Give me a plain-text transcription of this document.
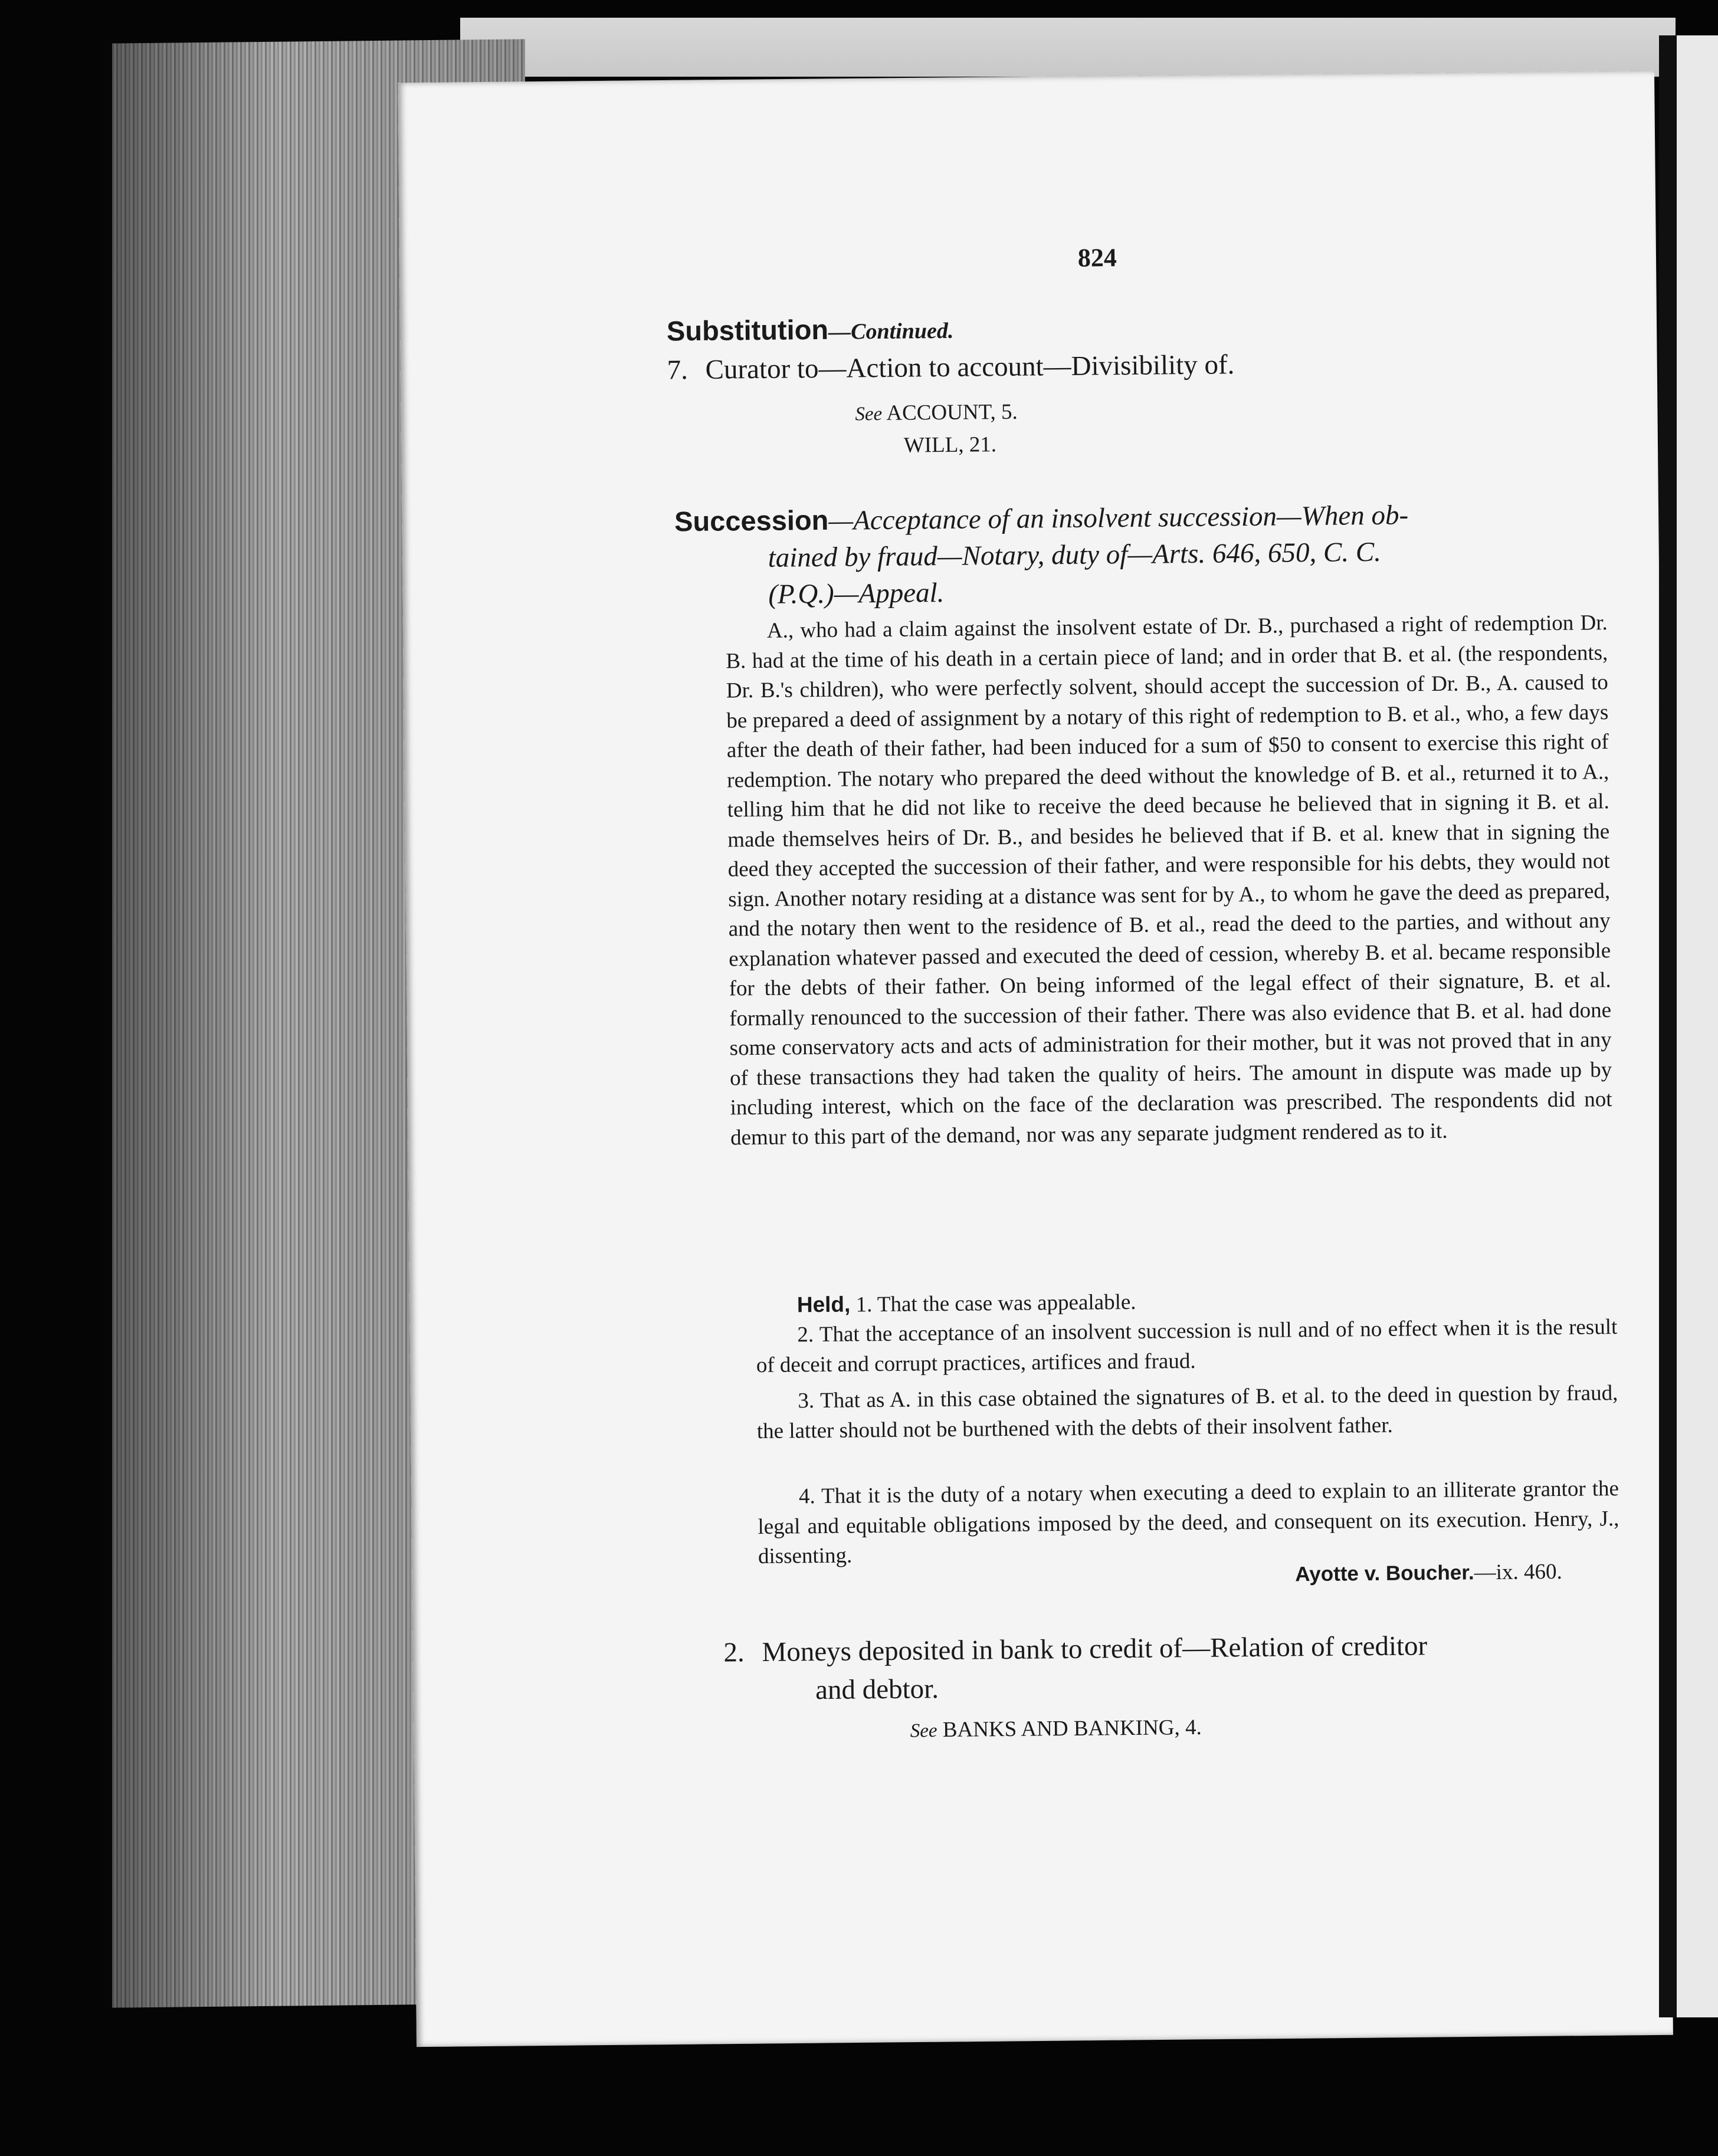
824
Substitution—Continued.
7. Curator to—Action to account—Divisibility of.
See ACCOUNT, 5.
WILL, 21.
Succession—Acceptance of an insolvent succession—When ob-
tained by fraud—Notary, duty of—Arts. 646, 650, C. C.
(P.Q.)—Appeal.
A., who had a claim against the insolvent estate of Dr. B., purchased a right of redemption Dr. B. had at the time of his death in a certain piece of land; and in order that B. et al. (the respondents, Dr. B.'s children), who were perfectly solvent, should accept the succession of Dr. B., A. caused to be prepared a deed of assignment by a notary of this right of redemption to B. et al., who, a few days after the death of their father, had been induced for a sum of $50 to consent to exercise this right of redemption. The notary who prepared the deed without the knowledge of B. et al., returned it to A., telling him that he did not like to receive the deed because he believed that in signing it B. et al. made themselves heirs of Dr. B., and besides he believed that if B. et al. knew that in signing the deed they accepted the succession of their father, and were responsible for his debts, they would not sign. Another notary residing at a distance was sent for by A., to whom he gave the deed as prepared, and the notary then went to the residence of B. et al., read the deed to the parties, and without any explanation whatever passed and executed the deed of cession, whereby B. et al. became responsible for the debts of their father. On being informed of the legal effect of their signature, B. et al. formally renounced to the succession of their father. There was also evidence that B. et al. had done some conservatory acts and acts of administration for their mother, but it was not proved that in any of these transactions they had taken the quality of heirs. The amount in dispute was made up by including interest, which on the face of the declaration was prescribed. The respondents did not demur to this part of the demand, nor was any separate judgment rendered as to it.
Held, 1. That the case was appealable.
2. That the acceptance of an insolvent succession is null and of no effect when it is the result of deceit and corrupt practices, artifices and fraud.
3. That as A. in this case obtained the signatures of B. et al. to the deed in question by fraud, the latter should not be burthened with the debts of their insolvent father.
4. That it is the duty of a notary when executing a deed to explain to an illiterate grantor the legal and equitable obligations imposed by the deed, and consequent on its execution. Henry, J., dissenting.
Ayotte v. Boucher.—ix. 460.
2. Moneys deposited in bank to credit of—Relation of creditor
and debtor.
See BANKS AND BANKING, 4.
